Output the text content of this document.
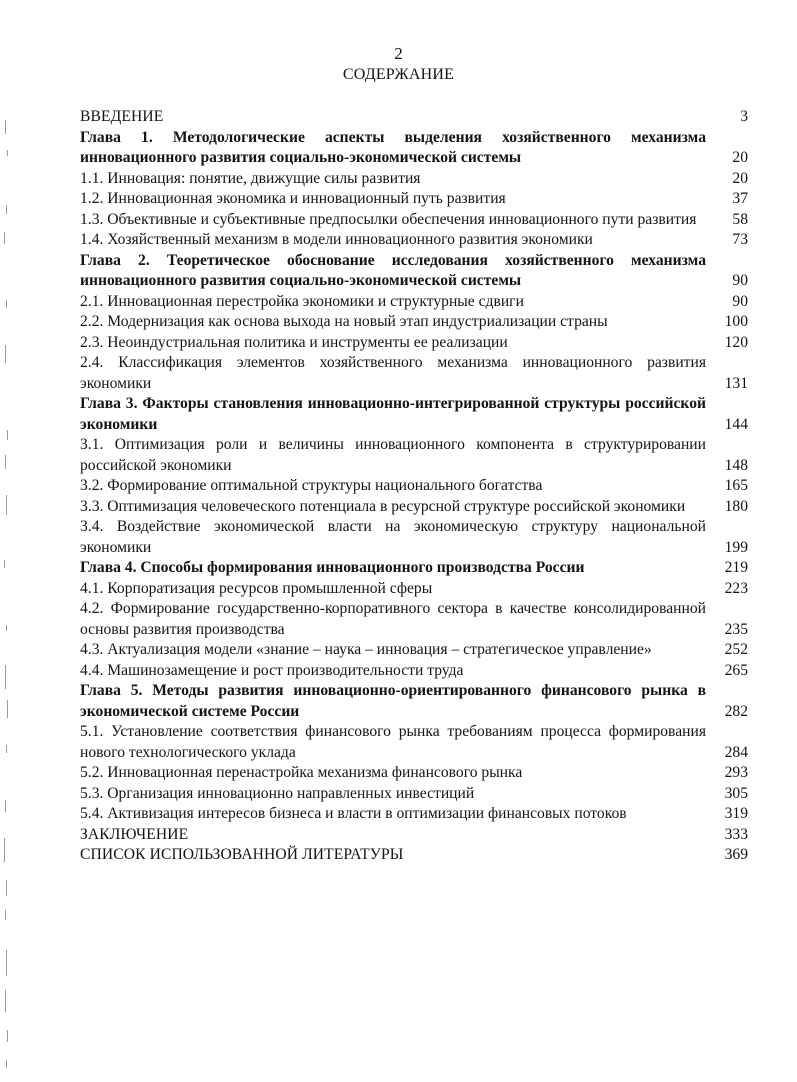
2
СОДЕРЖАНИЕ
ВВЕДЕНИЕ	3
Глава 1. Методологические аспекты выделения хозяйственного механизма инновационного развития социально-экономической системы	20
1.1. Инновация: понятие, движущие силы развития	20
1.2. Инновационная экономика и инновационный путь развития	37
1.3. Объективные и субъективные предпосылки обеспечения инновационного пути развития	58
1.4. Хозяйственный механизм в модели инновационного развития экономики	73
Глава 2. Теоретическое обоснование исследования хозяйственного механизма инновационного развития социально-экономической системы	90
2.1. Инновационная перестройка экономики и структурные сдвиги	90
2.2. Модернизация как основа выхода на новый этап индустриализации страны	100
2.3. Неоиндустриальная политика и инструменты ее реализации	120
2.4. Классификация элементов хозяйственного механизма инновационного развития экономики	131
Глава 3. Факторы становления инновационно-интегрированной структуры российской экономики	144
3.1. Оптимизация роли и величины инновационного компонента в структурировании российской экономики	148
3.2. Формирование оптимальной структуры национального богатства	165
3.3. Оптимизация человеческого потенциала в ресурсной структуре российской экономики	180
3.4. Воздействие экономической власти на экономическую структуру национальной экономики	199
Глава 4. Способы формирования инновационного производства России	219
4.1. Корпоратизация ресурсов промышленной сферы	223
4.2. Формирование государственно-корпоративного сектора в качестве консолидированной основы развития производства	235
4.3. Актуализация модели «знание – наука – инновация – стратегическое управление»	252
4.4. Машинозамещение и рост производительности труда	265
Глава 5. Методы развития инновационно-ориентированного финансового рынка в экономической системе России	282
5.1. Установление соответствия финансового рынка требованиям процесса формирования нового технологического уклада	284
5.2. Инновационная перенастройка механизма финансового рынка	293
5.3. Организация инновационно направленных инвестиций	305
5.4. Активизация интересов бизнеса и власти в оптимизации финансовых потоков	319
ЗАКЛЮЧЕНИЕ	333
СПИСОК ИСПОЛЬЗОВАННОЙ ЛИТЕРАТУРЫ	369
